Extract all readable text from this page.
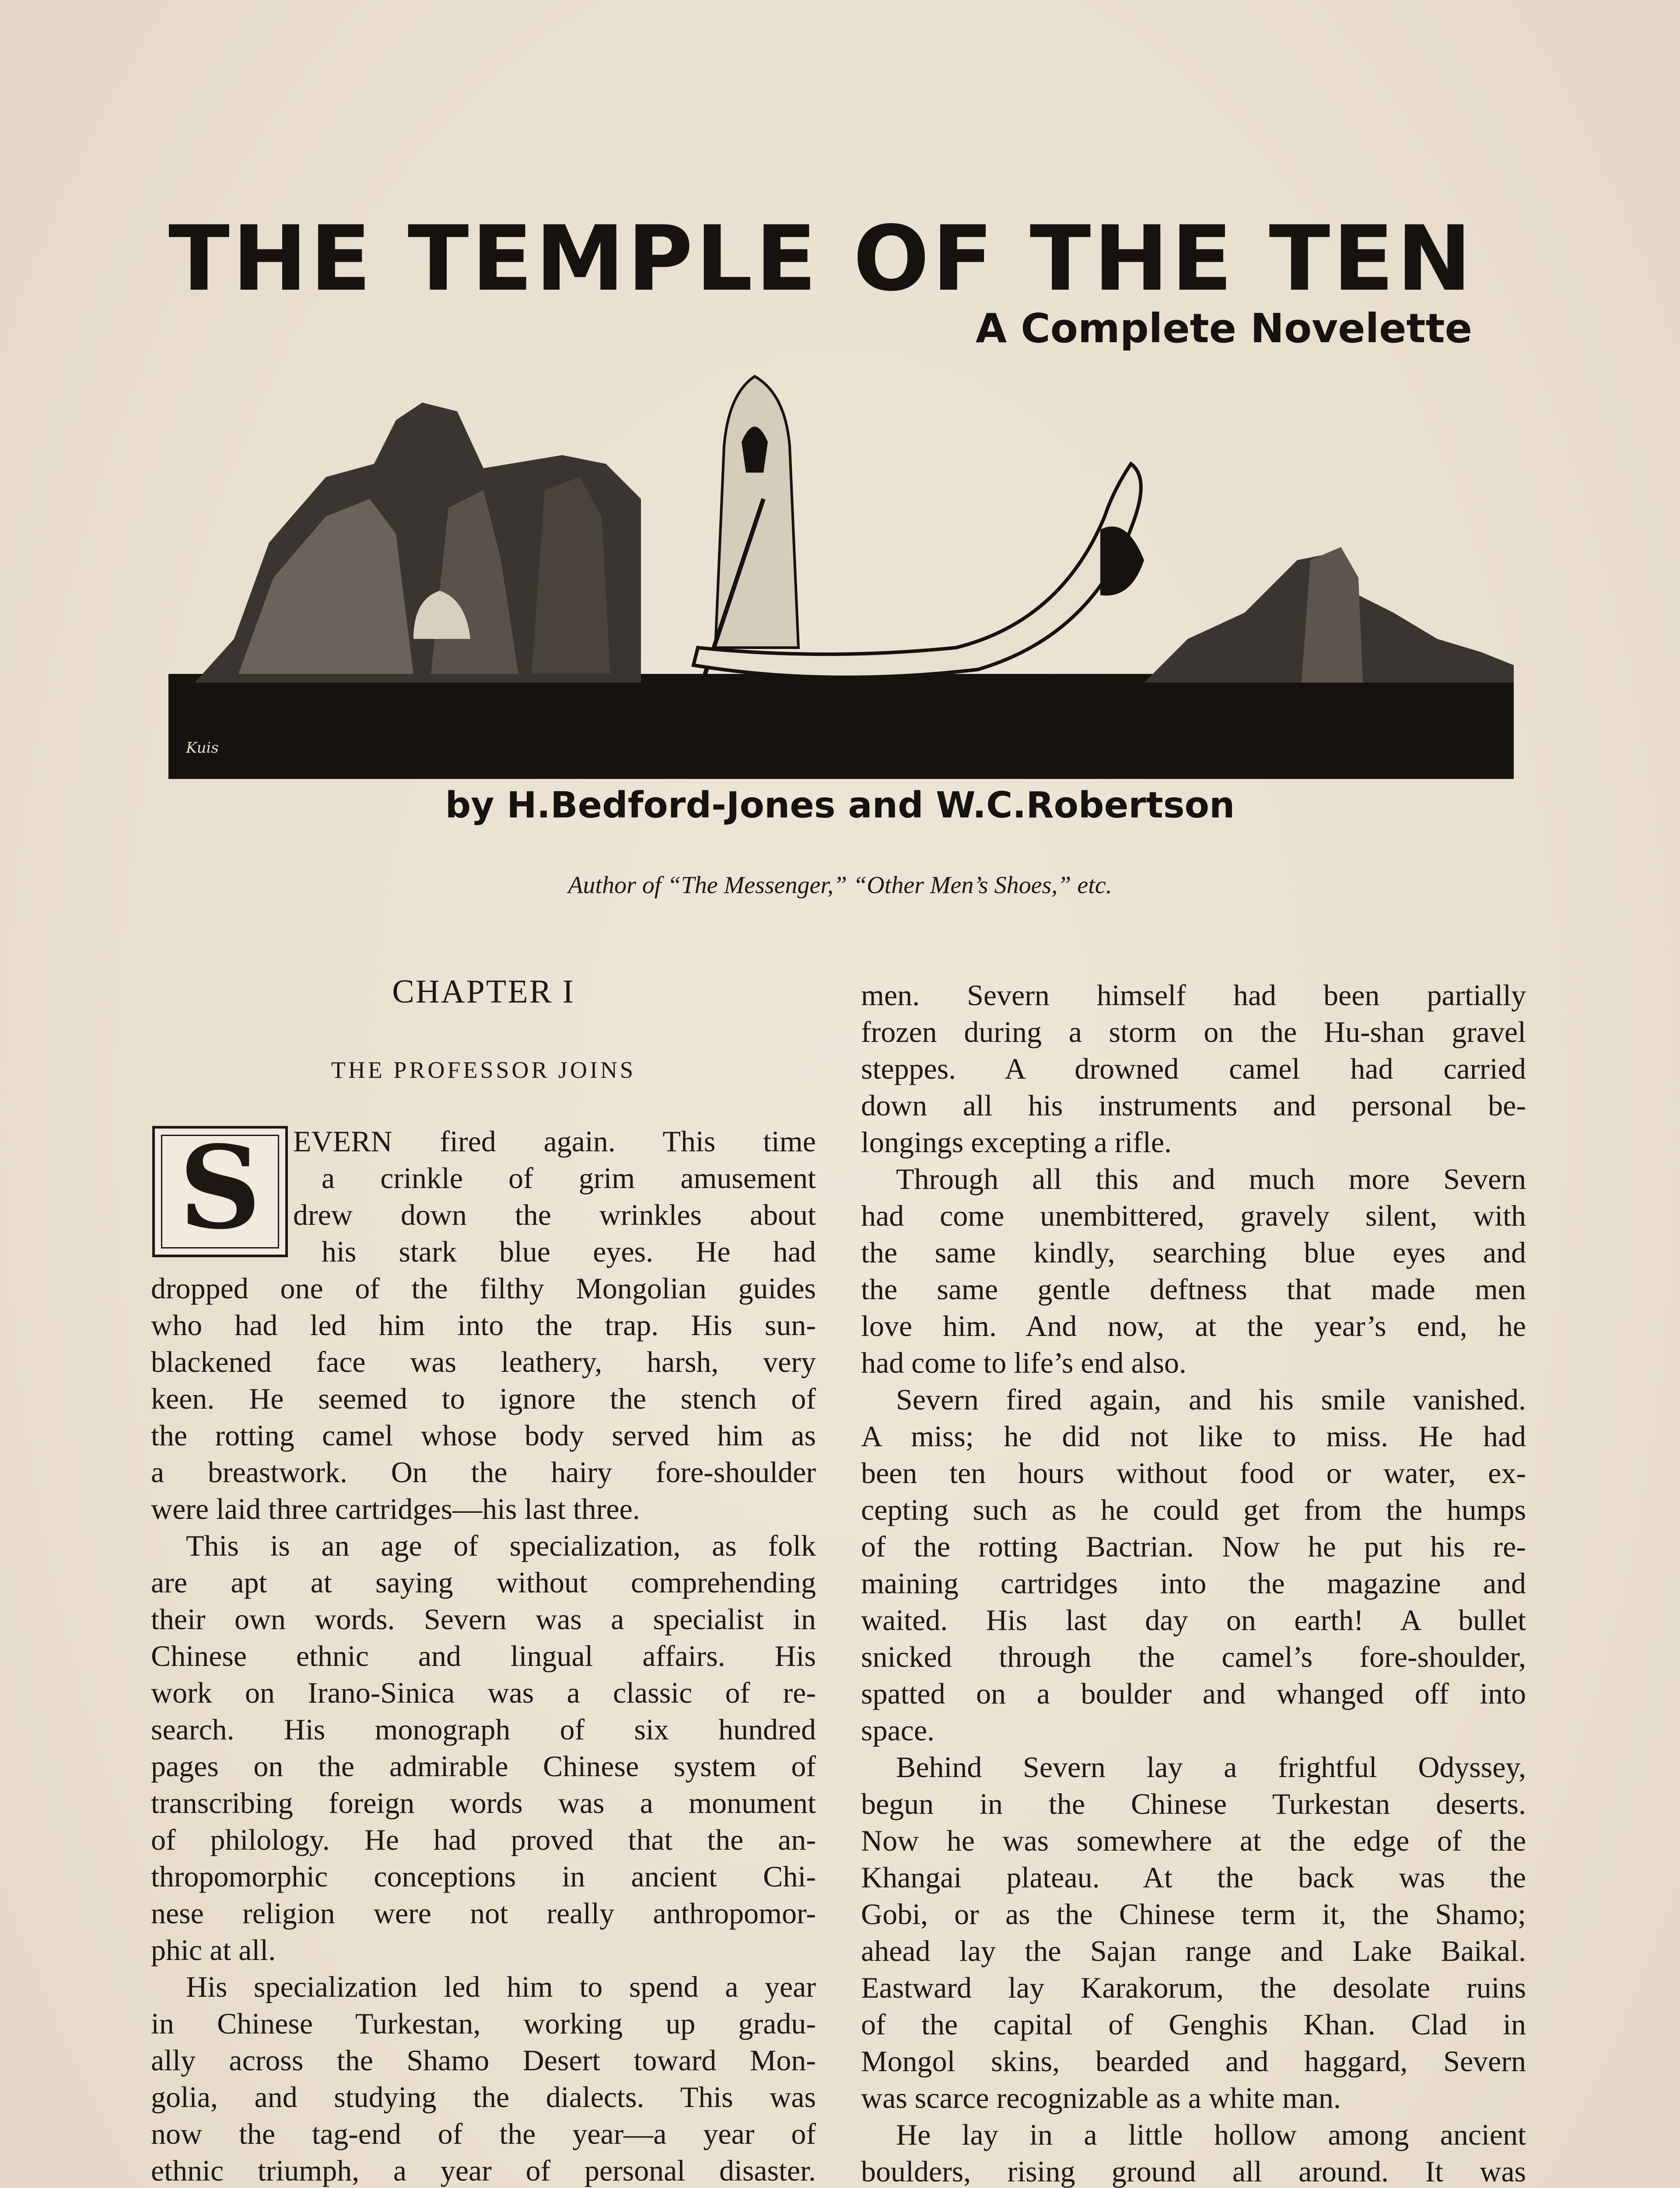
THE TEMPLE OF THE TEN
A Complete Novelette
Kuis
by H.Bedford-Jones and W.C.Robertson
Author of “The Messenger,” “Other Men’s Shoes,” etc.
CHAPTER I
THE PROFESSOR JOINS
S	EVERN fired again. This time
a crinkle of grim amusement
drew down the wrinkles about
his stark blue eyes. He had
dropped one of the filthy Mongolian guides
who had led him into the trap. His sun-
blackened face was leathery, harsh, very
keen. He seemed to ignore the stench of
the rotting camel whose body served him as
a breastwork. On the hairy fore-shoulder
were laid three cartridges—his last three.
This is an age of specialization, as folk
are apt at saying without comprehending
their own words. Severn was a specialist in
Chinese ethnic and lingual affairs. His
work on Irano-Sinica was a classic of re-
search. His monograph of six hundred
pages on the admirable Chinese system of
transcribing foreign words was a monument
of philology. He had proved that the an-
thropomorphic conceptions in ancient Chi-
nese religion were not really anthropomor-
phic at all.
His specialization led him to spend a year
in Chinese Turkestan, working up gradu-
ally across the Shamo Desert toward Mon-
golia, and studying the dialects. This was
now the tag-end of the year—a year of
ethnic triumph, a year of personal disaster.
men. Severn himself had been partially
frozen during a storm on the Hu-shan gravel
steppes. A drowned camel had carried
down all his instruments and personal be-
longings excepting a rifle.
Through all this and much more Severn
had come unembittered, gravely silent, with
the same kindly, searching blue eyes and
the same gentle deftness that made men
love him. And now, at the year’s end, he
had come to life’s end also.
Severn fired again, and his smile vanished.
A miss; he did not like to miss. He had
been ten hours without food or water, ex-
cepting such as he could get from the humps
of the rotting Bactrian. Now he put his re-
maining cartridges into the magazine and
waited. His last day on earth! A bullet
snicked through the camel’s fore-shoulder,
spatted on a boulder and whanged off into
space.
Behind Severn lay a frightful Odyssey,
begun in the Chinese Turkestan deserts.
Now he was somewhere at the edge of the
Khangai plateau. At the back was the
Gobi, or as the Chinese term it, the Shamo;
ahead lay the Sajan range and Lake Baikal.
Eastward lay Karakorum, the desolate ruins
of the capital of Genghis Khan. Clad in
Mongol skins, bearded and haggard, Severn
was scarce recognizable as a white man.
He lay in a little hollow among ancient
boulders, rising ground all around. It was
